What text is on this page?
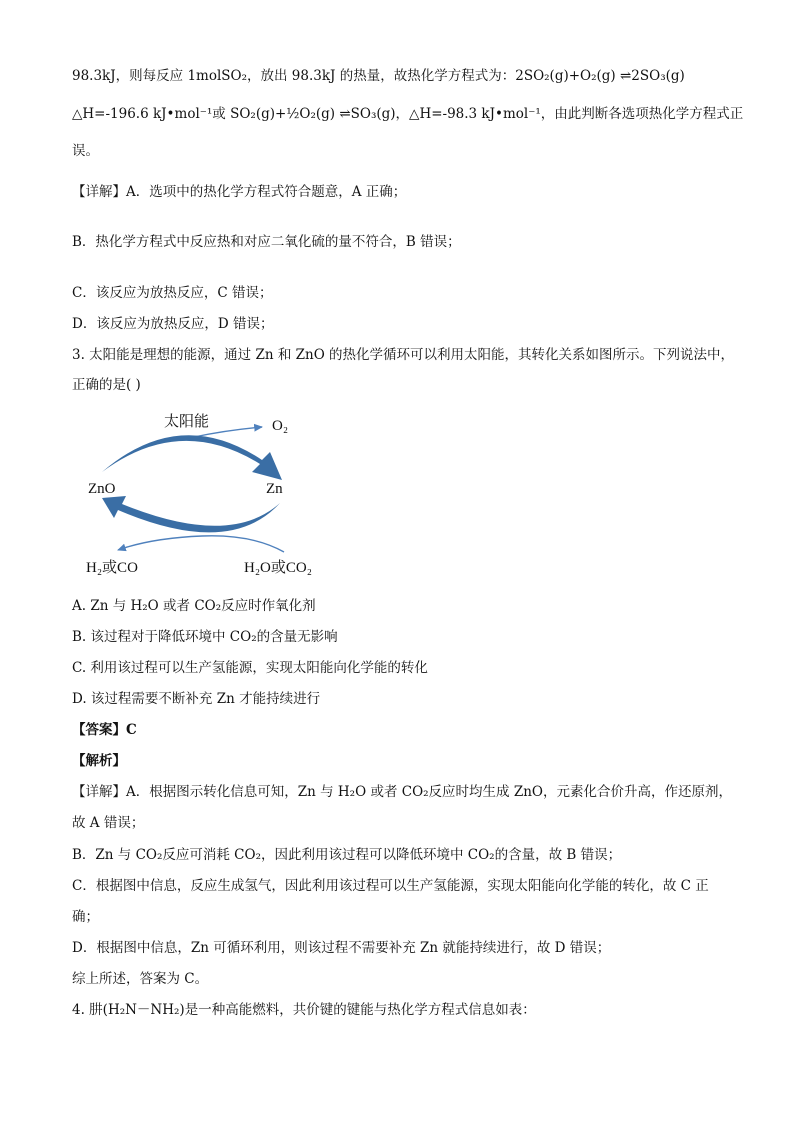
98.3kJ，则每反应 1molSO₂，放出 98.3kJ 的热量，故热化学方程式为：2SO₂(g)+O₂(g) ⇌2SO₃(g)
△H=-196.6 kJ•mol⁻¹或 SO₂(g)+½O₂(g) ⇌SO₃(g)，△H=-98.3 kJ•mol⁻¹，由此判断各选项热化学方程式正
误。
【详解】A．选项中的热化学方程式符合题意，A 正确；
B．热化学方程式中反应热和对应二氧化硫的量不符合，B 错误；
C．该反应为放热反应，C 错误；
D．该反应为放热反应，D 错误；
3. 太阳能是理想的能源，通过 Zn 和 ZnO 的热化学循环可以利用太阳能，其转化关系如图所示。下列说法中，
正确的是( )
太阳能	O₂
ZnO	Zn
H₂或CO	H₂O或CO₂
A. Zn 与 H₂O 或者 CO₂反应时作氧化剂
B. 该过程对于降低环境中 CO₂的含量无影响
C. 利用该过程可以生产氢能源，实现太阳能向化学能的转化
D. 该过程需要不断补充 Zn 才能持续进行
【答案】C
【解析】
【详解】A．根据图示转化信息可知，Zn 与 H₂O 或者 CO₂反应时均生成 ZnO，元素化合价升高，作还原剂，
故 A 错误；
B．Zn 与 CO₂反应可消耗 CO₂，因此利用该过程可以降低环境中 CO₂的含量，故 B 错误；
C．根据图中信息，反应生成氢气，因此利用该过程可以生产氢能源，实现太阳能向化学能的转化，故 C 正
确；
D．根据图中信息，Zn 可循环利用，则该过程不需要补充 Zn 就能持续进行，故 D 错误；
综上所述，答案为 C。
4. 肼(H₂N－NH₂)是一种高能燃料，共价键的键能与热化学方程式信息如表：
